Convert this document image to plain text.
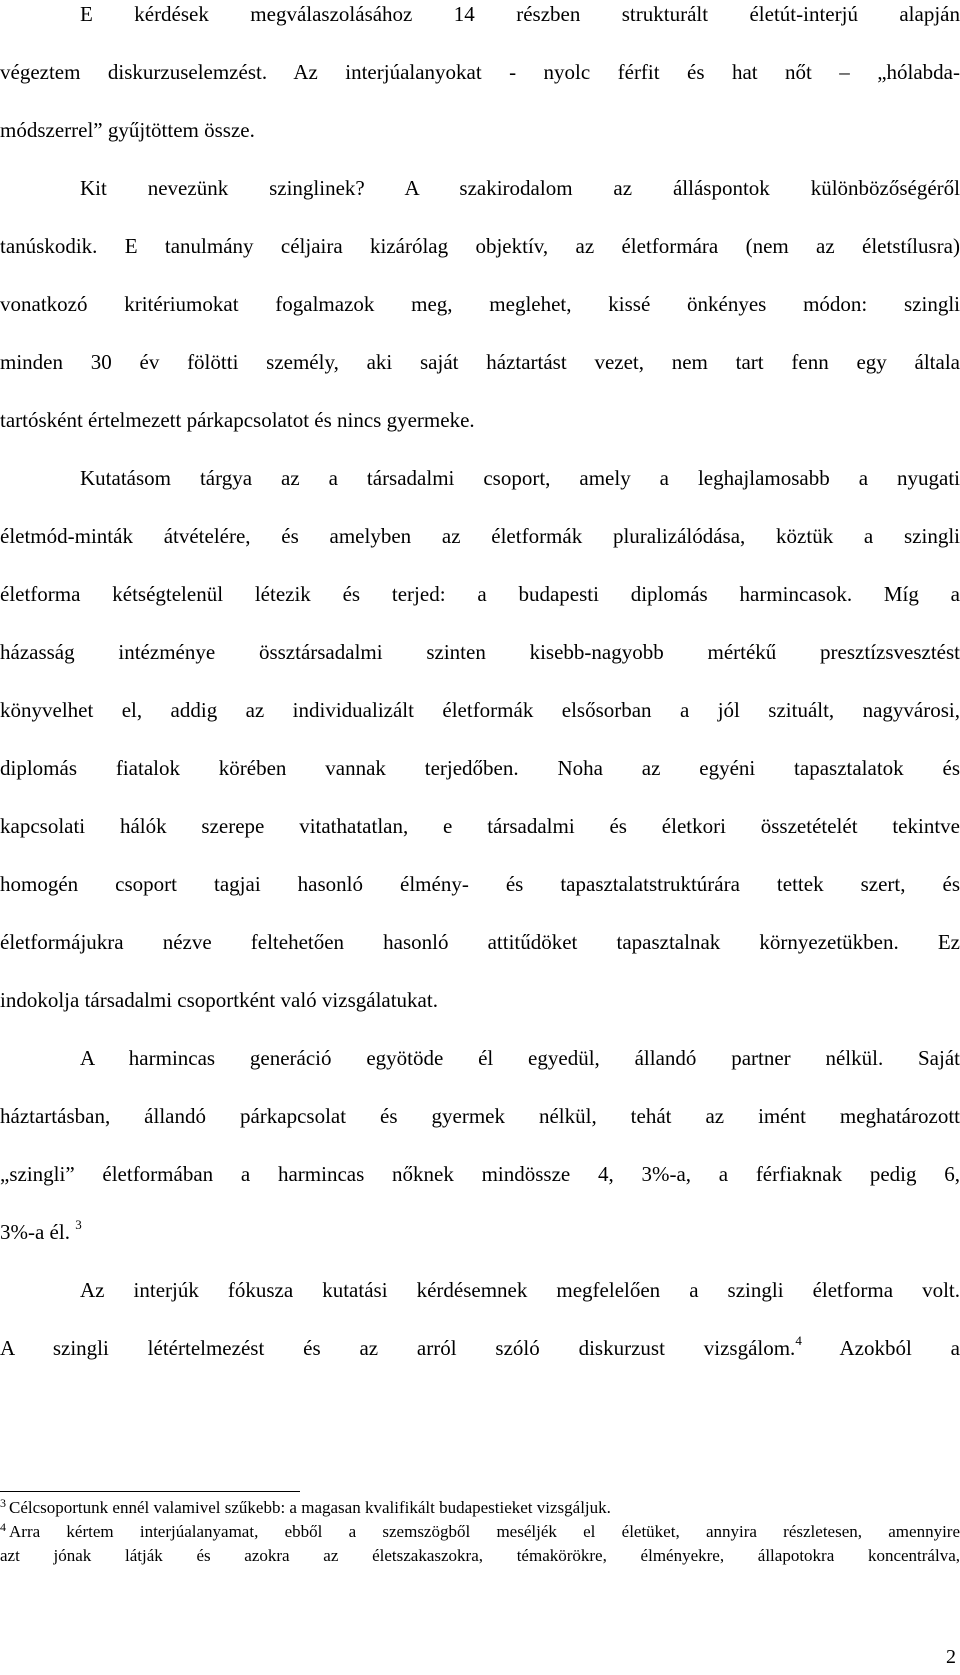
E kérdések megválaszolásához 14 részben strukturált életút-interjú alapján
végeztem diskurzuselemzést. Az interjúalanyokat - nyolc férfit és hat nőt – „hólabda-
módszerrel” gyűjtöttem össze.
Kit nevezünk szinglinek? A szakirodalom az álláspontok különbözőségéről
tanúskodik. E tanulmány céljaira kizárólag objektív, az életformára (nem az életstílusra)
vonatkozó kritériumokat fogalmazok meg, meglehet, kissé önkényes módon: szingli
minden 30 év fölötti személy, aki saját háztartást vezet, nem tart fenn egy általa
tartósként értelmezett párkapcsolatot és nincs gyermeke.
Kutatásom tárgya az a társadalmi csoport, amely a leghajlamosabb a nyugati
életmód-minták átvételére, és amelyben az életformák pluralizálódása, köztük a szingli
életforma kétségtelenül létezik és terjed: a budapesti diplomás harmincasok. Míg a
házasság intézménye össztársadalmi szinten kisebb-nagyobb mértékű presztízsvesztést
könyvelhet el, addig az individualizált életformák elsősorban a jól szituált, nagyvárosi,
diplomás fiatalok körében vannak terjedőben. Noha az egyéni tapasztalatok és
kapcsolati hálók szerepe vitathatatlan, e társadalmi és életkori összetételét tekintve
homogén csoport tagjai hasonló élmény- és tapasztalatstruktúrára tettek szert, és
életformájukra nézve feltehetően hasonló attitűdöket tapasztalnak környezetükben. Ez
indokolja társadalmi csoportként való vizsgálatukat.
A harmincas generáció egyötöde él egyedül, állandó partner nélkül. Saját
háztartásban, állandó párkapcsolat és gyermek nélkül, tehát az imént meghatározott
„szingli” életformában a harmincas nőknek mindössze 4, 3%-a, a férfiaknak pedig 6,
3%-a él. $^3$
Az interjúk fókusza kutatási kérdésemnek megfelelően a szingli életforma volt.
A szingli létértelmezést és az arról szóló diskurzust vizsgálom.$^4$ Azokból a
$^3$ Célcsoportunk ennél valamivel szűkebb: a magasan kvalifikált budapestieket vizsgáljuk.
$^4$ Arra kértem interjúalanyamat, ebből a szemszögből meséljék el életüket, annyira részletesen, amennyire
azt jónak látják és azokra az életszakaszokra, témakörökre, élményekre, állapotokra koncentrálva,
2
